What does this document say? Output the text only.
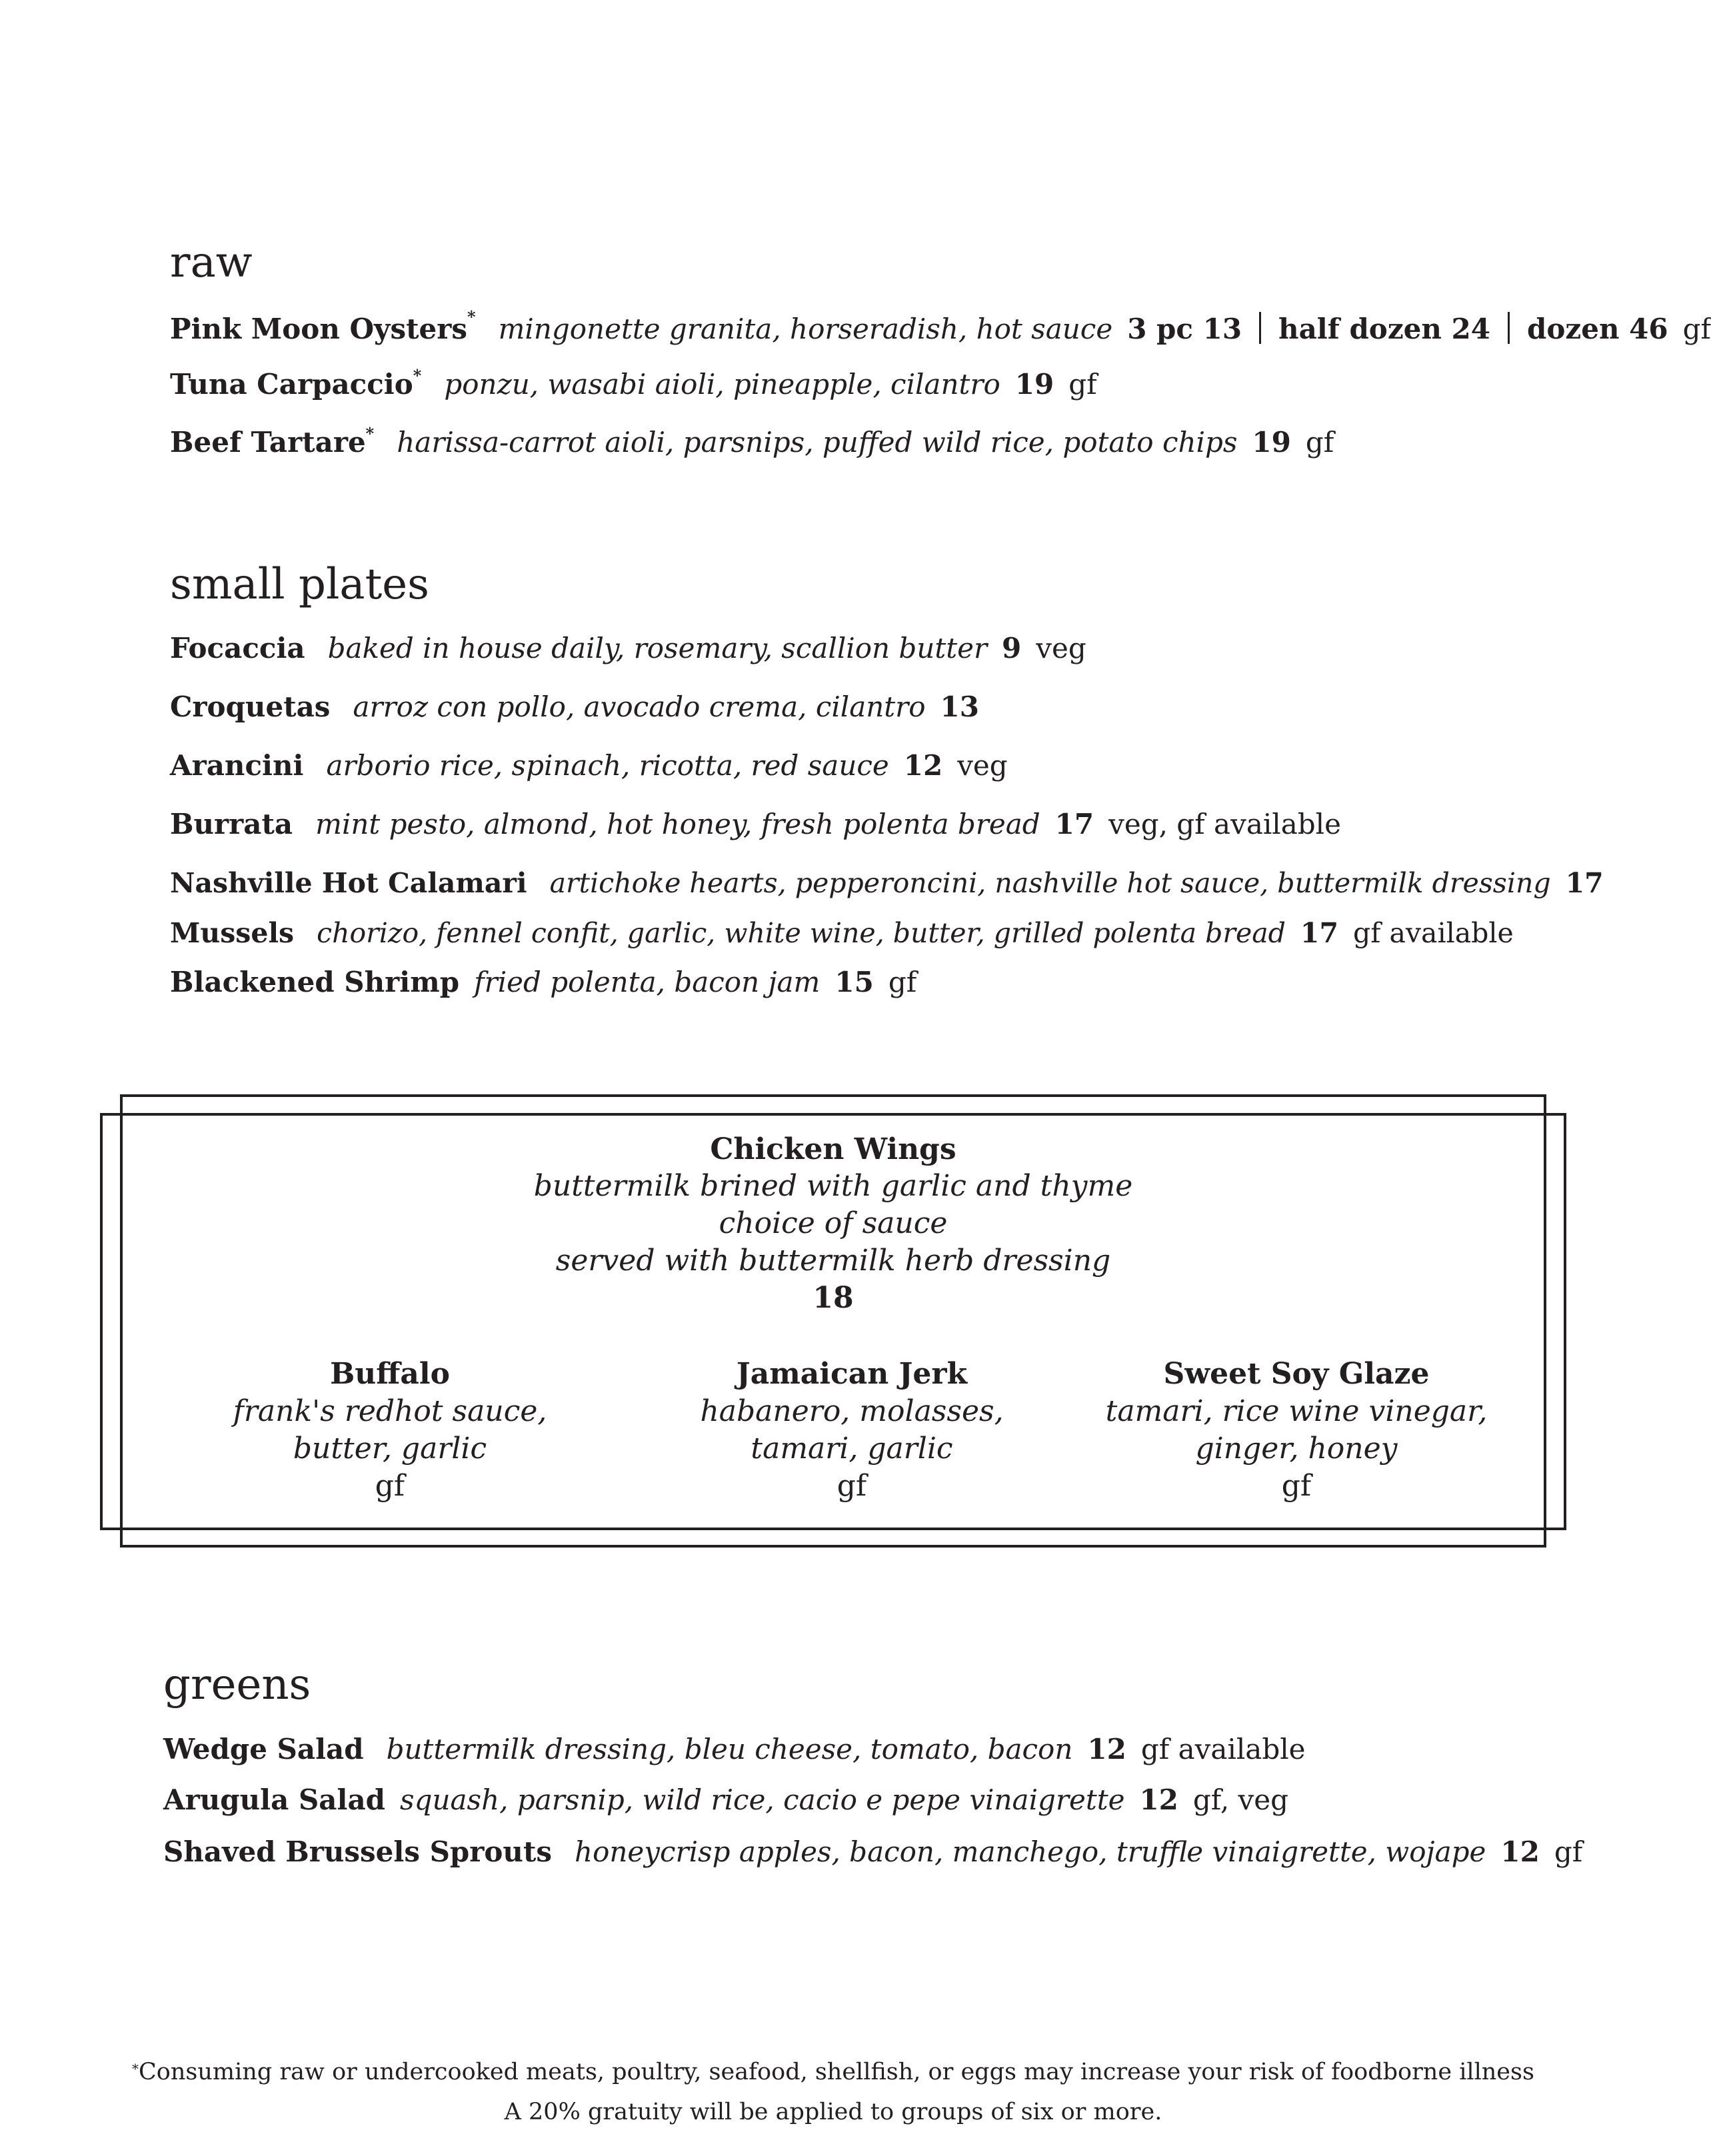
raw
Pink Moon Oysters* mingonette granita, horseradish, hot sauce 3 pc 13 half dozen 24 dozen 46 gf
Tuna Carpaccio* ponzu, wasabi aioli, pineapple, cilantro 19 gf
Beef Tartare* harissa-carrot aioli, parsnips, puffed wild rice, potato chips 19 gf
small plates
Focaccia baked in house daily, rosemary, scallion butter 9 veg
Croquetas arroz con pollo, avocado crema, cilantro 13
Arancini arborio rice, spinach, ricotta, red sauce 12 veg
Burrata mint pesto, almond, hot honey, fresh polenta bread 17 veg, gf available
Nashville Hot Calamari artichoke hearts, pepperoncini, nashville hot sauce, buttermilk dressing 17
Mussels chorizo, fennel confit, garlic, white wine, butter, grilled polenta bread 17 gf available
Blackened Shrimp fried polenta, bacon jam 15 gf
Chicken Wings
buttermilk brined with garlic and thyme
choice of sauce
served with buttermilk herb dressing
18
Buffalo
frank's redhot sauce,
butter, garlic
gf
Jamaican Jerk
habanero, molasses,
tamari, garlic
gf
Sweet Soy Glaze
tamari, rice wine vinegar,
ginger, honey
gf
greens
Wedge Salad buttermilk dressing, bleu cheese, tomato, bacon 12 gf available
Arugula Salad squash, parsnip, wild rice, cacio e pepe vinaigrette 12 gf, veg
Shaved Brussels Sprouts honeycrisp apples, bacon, manchego, truffle vinaigrette, wojape 12 gf
*Consuming raw or undercooked meats, poultry, seafood, shellfish, or eggs may increase your risk of foodborne illness
A 20% gratuity will be applied to groups of six or more.
